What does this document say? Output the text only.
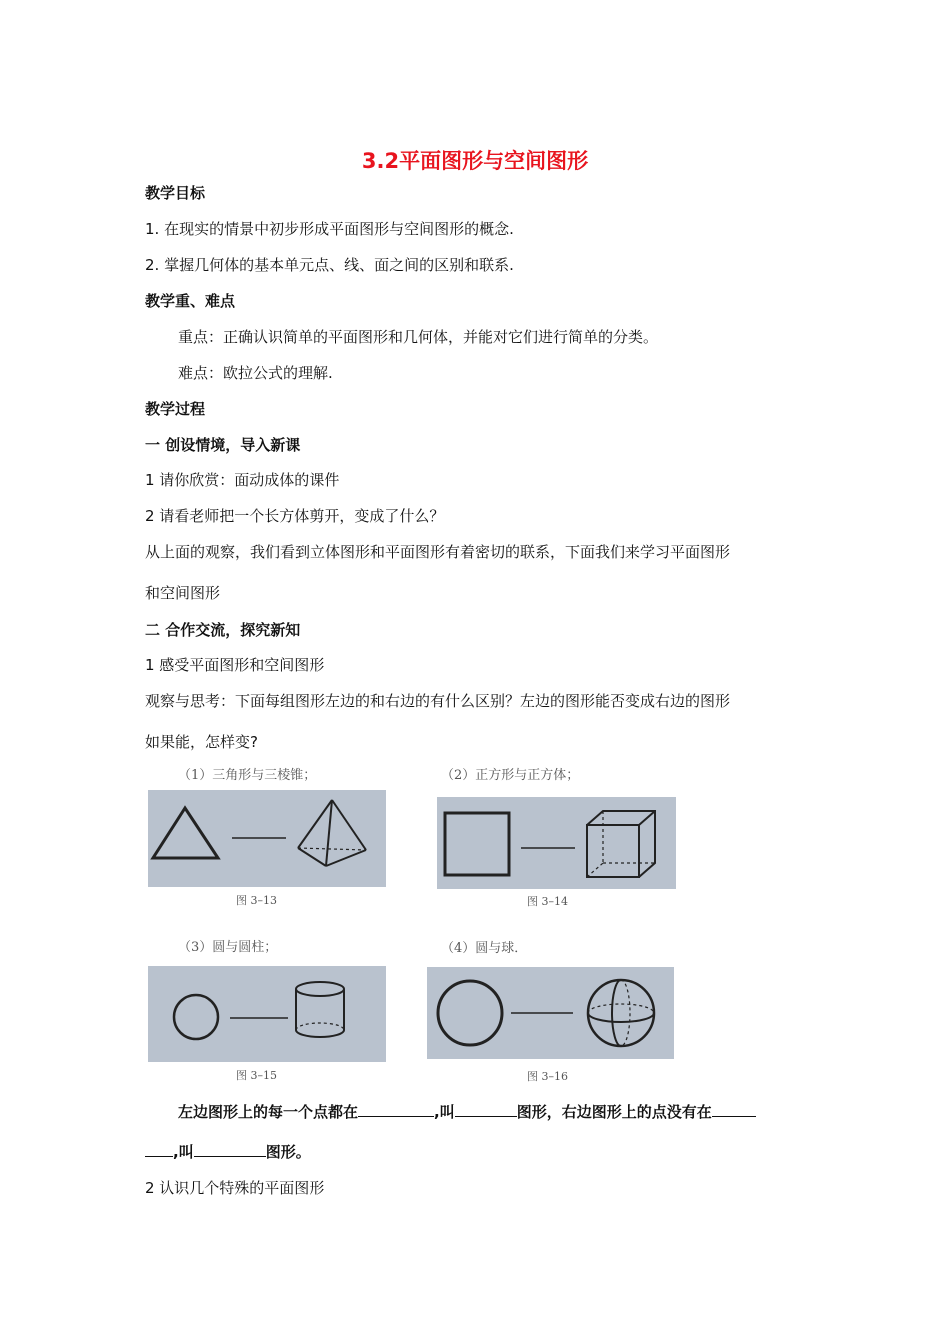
3.2平面图形与空间图形
教学目标
1. 在现实的情景中初步形成平面图形与空间图形的概念.
2. 掌握几何体的基本单元点、线、面之间的区别和联系.
教学重、难点
重点：正确认识简单的平面图形和几何体，并能对它们进行简单的分类。
难点：欧拉公式的理解.
教学过程
一 创设情境，导入新课
1 请你欣赏：面动成体的课件
2 请看老师把一个长方体剪开，变成了什么？
从上面的观察，我们看到立体图形和平面图形有着密切的联系，下面我们来学习平面图形
和空间图形
二 合作交流，探究新知
1 感受平面图形和空间图形
观察与思考：下面每组图形左边的和右边的有什么区别？左边的图形能否变成右边的图形
如果能，怎样变?
（1）三角形与三棱锥；
图 3–13
（2）正方形与正方体；
图 3–14
（3）圆与圆柱；
图 3–15
（4）圆与球．
图 3–16
左边图形上的每一个点都在	,叫	图形，右边图形上的点没有在
,叫	图形。
2 认识几个特殊的平面图形
